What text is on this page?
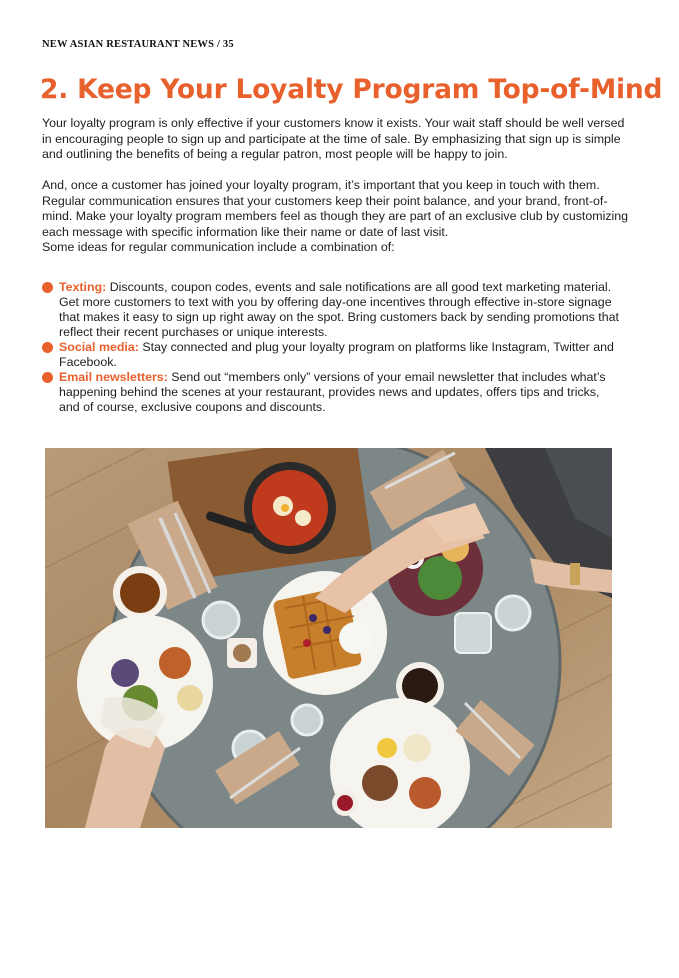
NEW ASIAN RESTAURANT NEWS / 35
2. Keep Your Loyalty Program Top-of-Mind

Your loyalty program is only effective if your customers know it exists. Your wait staff should be well versed in encouraging people to sign up and participate at the time of sale. By emphasizing that sign up is simple and outlining the benefits of being a regular patron, most people will be happy to join.

And, once a customer has joined your loyalty program, it’s important that you keep in touch with them. Regular communication ensures that your customers keep their point balance, and your brand, front-of-mind. Make your loyalty program members feel as though they are part of an exclusive club by customizing each message with specific information like their name or date of last visit.

Some ideas for regular communication include a combination of:

Texting: Discounts, coupon codes, events and sale notifications are all good text marketing material. Get more customers to text with you by offering day-one incentives through effective in-store signage that makes it easy to sign up right away on the spot. Bring customers back by sending promotions that reflect their recent purchases or unique interests.
Social media: Stay connected and plug your loyalty program on platforms like Instagram, Twitter and Facebook.
Email newsletters: Send out “members only” versions of your email newsletter that includes what’s happening behind the scenes at your restaurant, provides news and updates, offers tips and tricks, and of course, exclusive coupons and discounts.
